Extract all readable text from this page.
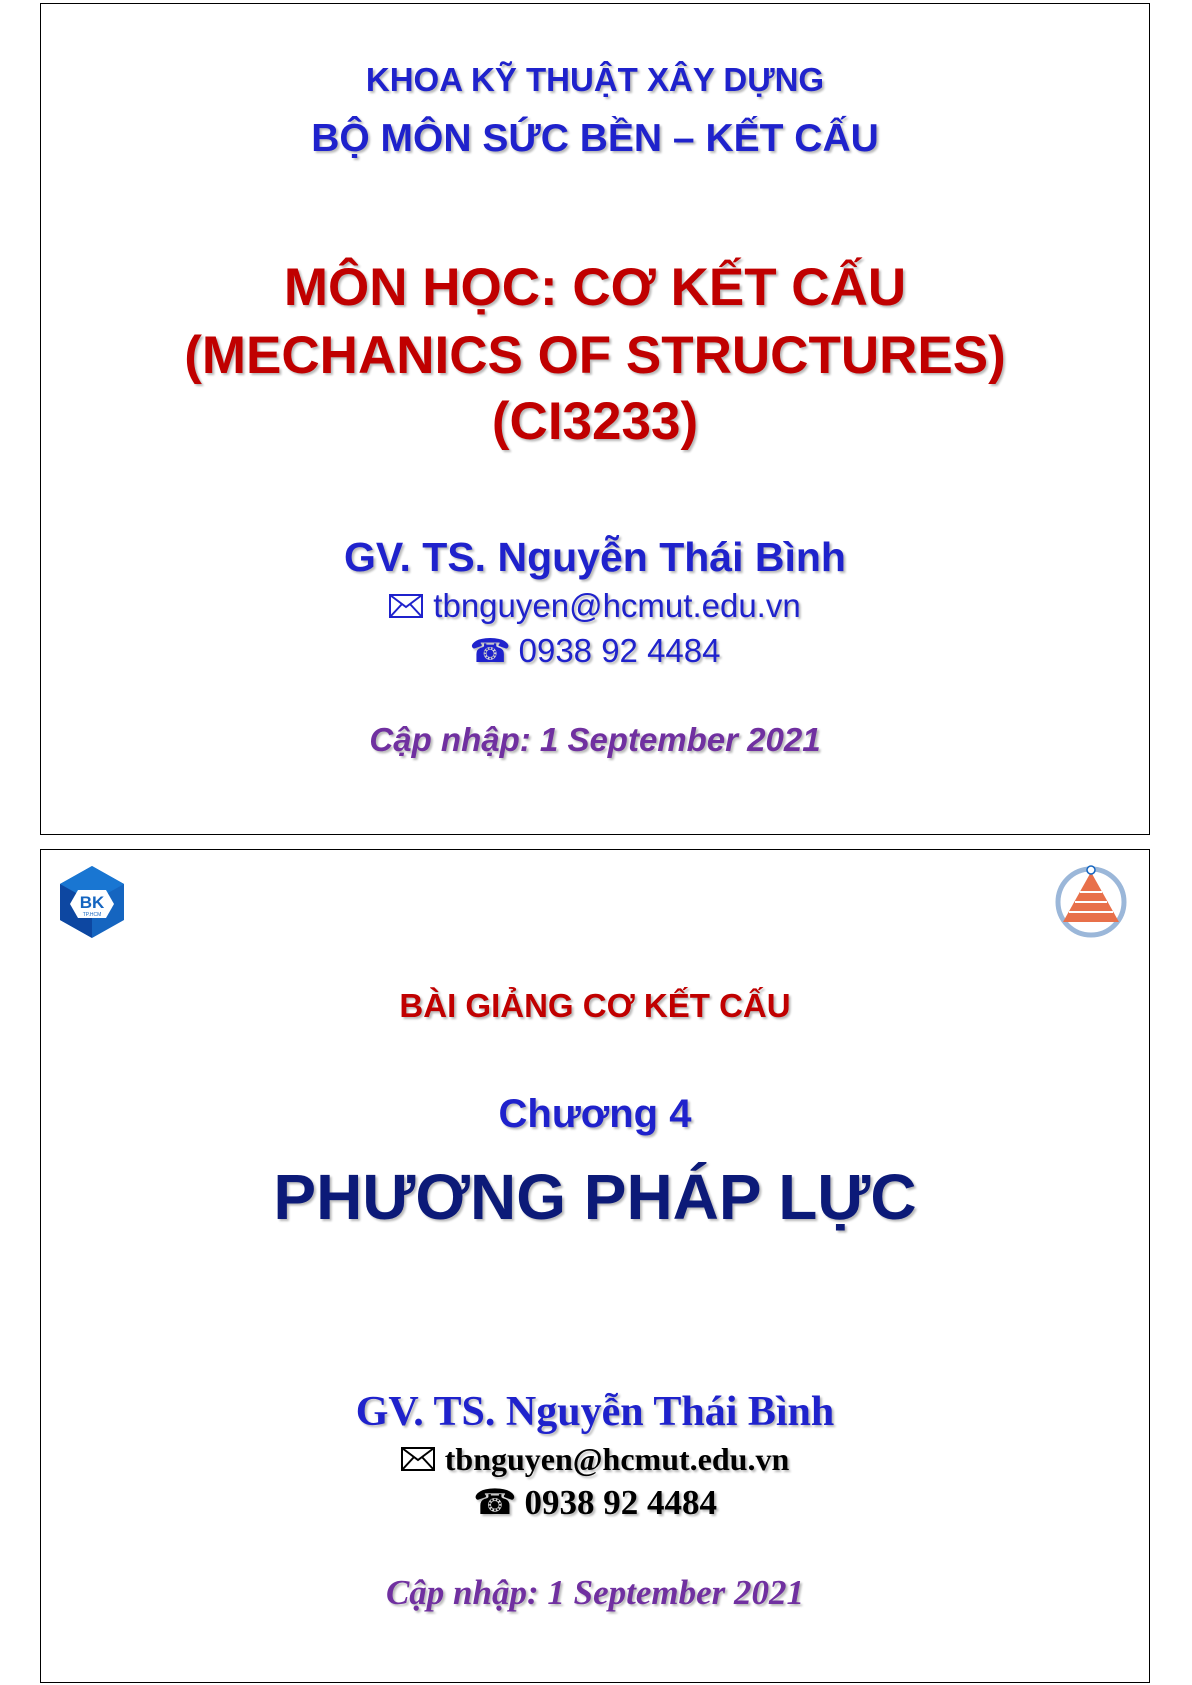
KHOA KỸ THUẬT XÂY DỰNG
BỘ MÔN SỨC BỀN – KẾT CẤU
MÔN HỌC: CƠ KẾT CẤU
(MECHANICS OF STRUCTURES)
(CI3233)
GV. TS. Nguyễn Thái Bình
tbnguyen@hcmut.edu.vn
☎ 0938 92 4484
Cập nhập: 1 September 2021
BK
TP.HCM
BÀI GIẢNG CƠ KẾT CẤU
Chương 4
PHƯƠNG PHÁP LỰC
GV. TS. Nguyễn Thái Bình
tbnguyen@hcmut.edu.vn
☎ 0938 92 4484
Cập nhập: 1 September 2021
